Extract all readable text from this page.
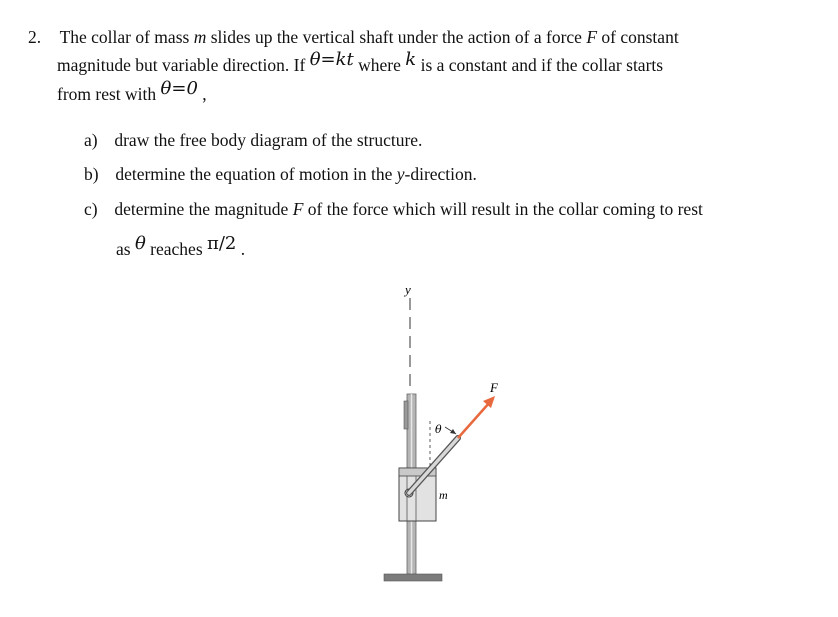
2. The collar of mass m slides up the vertical shaft under the action of a force F of constant
magnitude but variable direction. If θ=kt where k is a constant and if the collar starts
from rest with θ=0 ,
a) draw the free body diagram of the structure.
b) determine the equation of motion in the y-direction.
c) determine the magnitude F of the force which will result in the collar coming to rest
as θ reaches π/2 .
y
θ
F
m
